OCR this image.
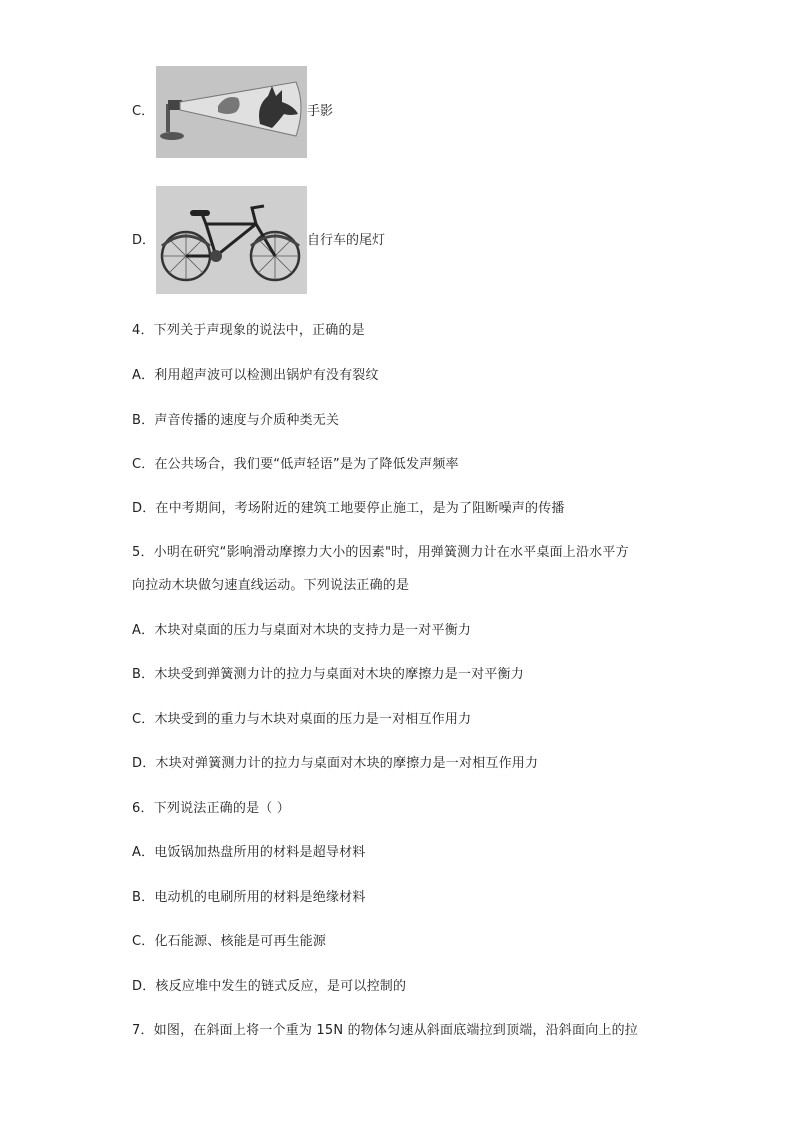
C．	手影
D．	自行车的尾灯
4．下列关于声现象的说法中，正确的是
A．利用超声波可以检测出锅炉有没有裂纹
B．声音传播的速度与介质种类无关
C．在公共场合，我们要“低声轻语”是为了降低发声频率
D．在中考期间，考场附近的建筑工地要停止施工，是为了阻断噪声的传播
5．小明在研究“影响滑动摩擦力大小的因素"时，用弹簧测力计在水平桌面上沿水平方
向拉动木块做匀速直线运动。下列说法正确的是
A．木块对桌面的压力与桌面对木块的支持力是一对平衡力
B．木块受到弹簧测力计的拉力与桌面对木块的摩擦力是一对平衡力
C．木块受到的重力与木块对桌面的压力是一对相互作用力
D．木块对弹簧测力计的拉力与桌面对木块的摩擦力是一对相互作用力
6．下列说法正确的是（ ）
A．电饭锅加热盘所用的材料是超导材料
B．电动机的电刷所用的材料是绝缘材料
C．化石能源、核能是可再生能源
D．核反应堆中发生的链式反应，是可以控制的
7．如图，在斜面上将一个重为 15N 的物体匀速从斜面底端拉到顶端，沿斜面向上的拉
